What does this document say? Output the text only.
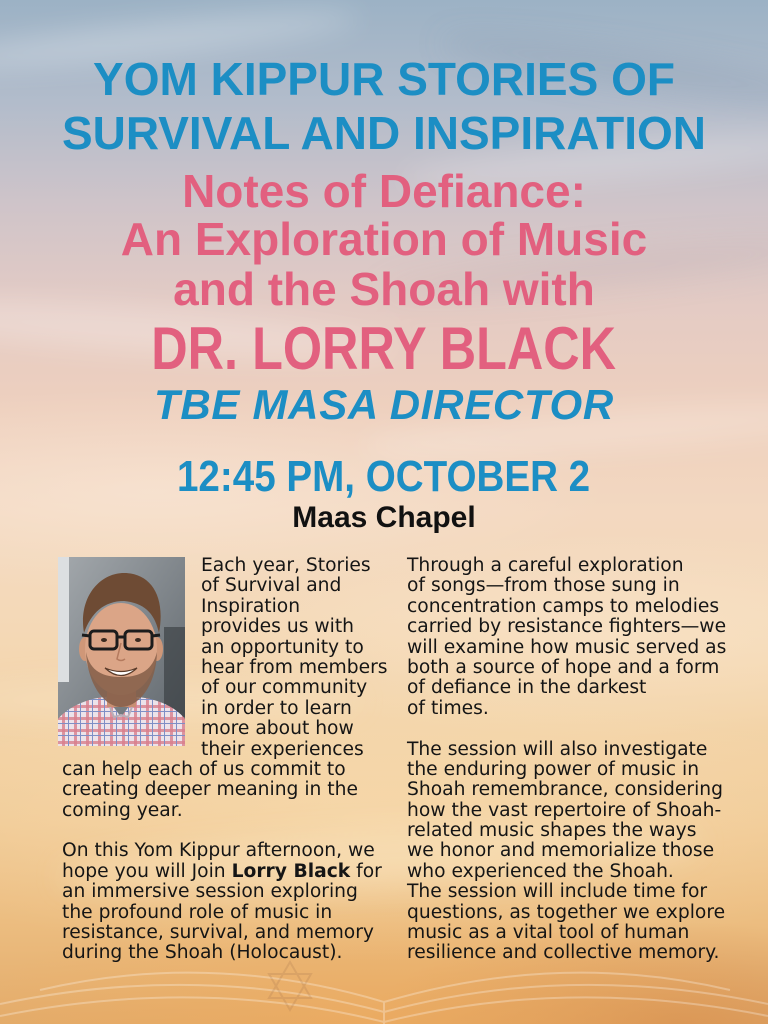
YOM KIPPUR STORIES OF
SURVIVAL AND INSPIRATION
Notes of Defiance:
An Exploration of Music
and the Shoah with
DR. LORRY BLACK
TBE MASA DIRECTOR
12:45 PM, OCTOBER 2
Maas Chapel
Each year, Stories
of Survival and
Inspiration
provides us with
an opportunity to
hear from members
of our community
in order to learn
more about how
their experiences
can help each of us commit to
creating deeper meaning in the
coming year.
On this Yom Kippur afternoon, we
hope you will Join Lorry Black for
an immersive session exploring
the profound role of music in
resistance, survival, and memory
during the Shoah (Holocaust).
Through a careful exploration
of songs—from those sung in
concentration camps to melodies
carried by resistance fighters—we
will examine how music served as
both a source of hope and a form
of defiance in the darkest
of times.
The session will also investigate
the enduring power of music in
Shoah remembrance, considering
how the vast repertoire of Shoah-
related music shapes the ways
we honor and memorialize those
who experienced the Shoah.
The session will include time for
questions, as together we explore
music as a vital tool of human
resilience and collective memory.
